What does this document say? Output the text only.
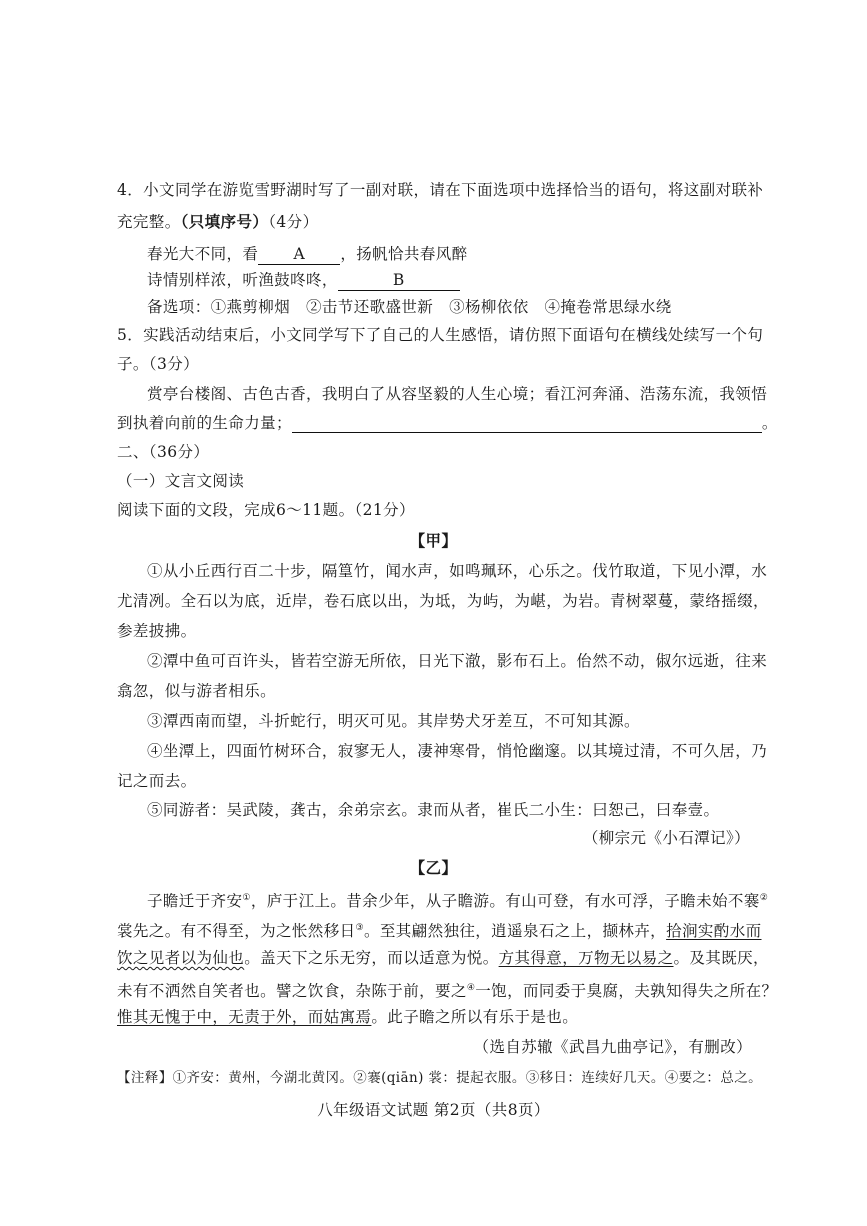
4．小文同学在游览雪野湖时写了一副对联，请在下面选项中选择恰当的语句，将这副对联补
充完整。（只填序号）（4分）
春光大不同，看 A ，扬帆恰共春风醉
诗情别样浓，听渔鼓咚咚，	B
备选项：①燕剪柳烟　②击节还歌盛世新　③杨柳依依　④掩卷常思绿水绕
5．实践活动结束后，小文同学写下了自己的人生感悟，请仿照下面语句在横线处续写一个句
子。（3分）
赏亭台楼阁、古色古香，我明白了从容坚毅的人生心境；看江河奔涌、浩荡东流，我领悟
到执着向前的生命力量；	。
二、（36分）
（一）文言文阅读
阅读下面的文段，完成6～11题。（21分）
【甲】
①从小丘西行百二十步，隔篁竹，闻水声，如鸣珮环，心乐之。伐竹取道，下见小潭，水
尤清冽。全石以为底，近岸，卷石底以出，为坻，为屿，为嵁，为岩。青树翠蔓，蒙络摇缀，
参差披拂。
②潭中鱼可百许头，皆若空游无所依，日光下澈，影布石上。佁然不动，俶尔远逝，往来
翕忽，似与游者相乐。
③潭西南而望，斗折蛇行，明灭可见。其岸势犬牙差互，不可知其源。
④坐潭上，四面竹树环合，寂寥无人，凄神寒骨，悄怆幽邃。以其境过清，不可久居，乃
记之而去。
⑤同游者：吴武陵，龚古，余弟宗玄。隶而从者，崔氏二小生：曰恕己，曰奉壹。
（柳宗元《小石潭记》）
【乙】
子瞻迁于齐安①，庐于江上。昔余少年，从子瞻游。有山可登，有水可浮，子瞻未始不褰②
裳先之。有不得至，为之怅然移日③。至其翩然独往，逍遥泉石之上，撷林卉，拾涧实酌水而
饮之见者以为仙也。盖天下之乐无穷，而以适意为悦。方其得意，万物无以易之。及其既厌，
未有不洒然自笑者也。譬之饮食，杂陈于前，要之④一饱，而同委于臭腐，夫孰知得失之所在？
惟其无愧于中，无责于外，而姑寓焉。此子瞻之所以有乐于是也。
（选自苏辙《武昌九曲亭记》，有删改）
【注释】①齐安：黄州，今湖北黄冈。②褰(qiān) 裳：提起衣服。③移日：连续好几天。④要之：总之。
八年级语文试题 第2页（共8页）
